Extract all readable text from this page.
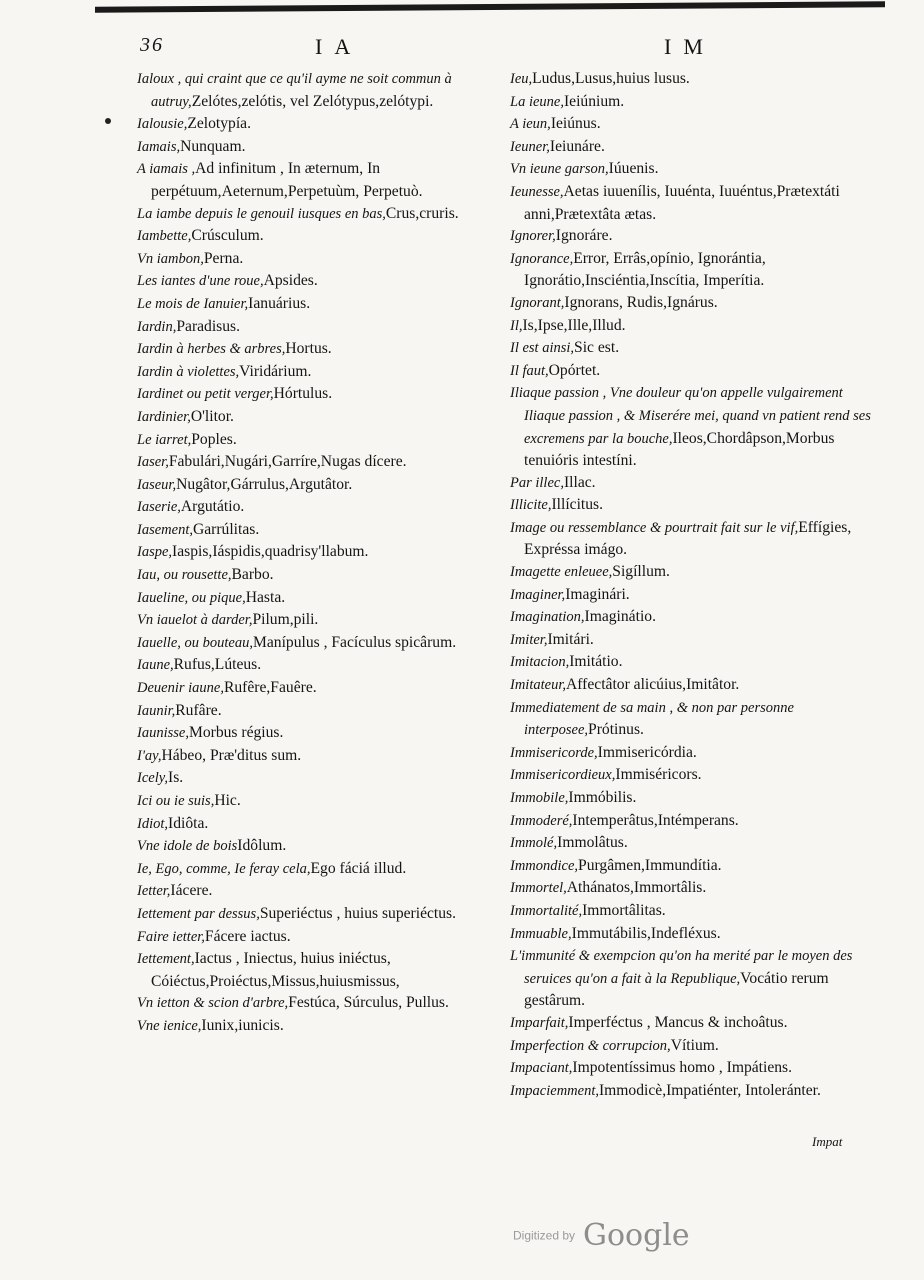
36	IA	IM

Ialoux , qui craint que ce qu'il ayme ne soit commun à autruy,Zelótes,zelótis, vel Zelótypus,zelótypi.

Ialousie,Zelotypía.

Iamais,Nunquam.

A iamais ,Ad infinitum , In æternum, In perpétuum,Aeternum,Perpetuùm, Perpetuò.

La iambe depuis le genouil iusques en bas,Crus,cruris.

Iambette,Crúsculum.

Vn iambon,Perna.

Les iantes d'une roue,Apsides.

Le mois de Ianuier,Ianuárius.

Iardin,Paradisus.

Iardin à herbes & arbres,Hortus.

Iardin à violettes,Viridárium.

Iardinet ou petit verger,Hórtulus.

Iardinier,O'litor.

Le iarret,Poples.

Iaser,Fabulári,Nugári,Garríre,Nugas dícere.

Iaseur,Nugâtor,Gárrulus,Argutâtor.

Iaserie,Argutátio.

Iasement,Garrúlitas.

Iaspe,Iaspis,Iáspidis,quadrisy'llabum.

Iau, ou rousette,Barbo.

Iaueline, ou pique,Hasta.

Vn iauelot à darder,Pilum,pili.

Iauelle, ou bouteau,Manípulus , Facículus spicârum.

Iaune,Rufus,Lúteus.

Deuenir iaune,Rufêre,Fauêre.

Iaunir,Rufâre.

Iaunisse,Morbus régius.

I'ay,Hábeo, Præ'ditus sum.

Icely,Is.

Ici ou ie suis,Hic.

Idiot,Idiôta.

Vne idole de boisIdôlum.

Ie, Ego, comme, Ie feray cela,Ego fáciá illud.

Ietter,Iácere.

Iettement par dessus,Superiéctus , huius superiéctus.

Faire ietter,Fácere iactus.

Iettement,Iactus , Iniectus, huius iniéctus, Cóiéctus,Proiéctus,Missus,huiusmissus,

Vn ietton & scion d'arbre,Festúca, Súrculus, Pullus.

Vne ienice,Iunix,iunicis.

Ieu,Ludus,Lusus,huius lusus.

La ieune,Ieiúnium.

A ieun,Ieiúnus.

Ieuner,Ieiunáre.

Vn ieune garson,Iúuenis.

Ieunesse,Aetas iuuenílis, Iuuénta, Iuuéntus,Prætextáti anni,Prætextâta ætas.

Ignorer,Ignoráre.

Ignorance,Error, Errâs,opínio, Ignorántia, Ignorátio,Insciéntia,Inscítia, Imperítia.

Ignorant,Ignorans, Rudis,Ignárus.

Il,Is,Ipse,Ille,Illud.

Il est ainsi,Sic est.

Il faut,Opórtet.

Iliaque passion , Vne douleur qu'on appelle vulgairement Iliaque passion , & Miserére mei, quand vn patient rend ses excremens par la bouche,Ileos,Chordâpson,Morbus tenuióris intestíni.

Par illec,Illac.

Illicite,Illícitus.

Image ou ressemblance & pourtrait fait sur le vif,Effígies, Expréssa imágo.

Imagette enleuee,Sigíllum.

Imaginer,Imaginári.

Imagination,Imaginátio.

Imiter,Imitári.

Imitacion,Imitátio.

Imitateur,Affectâtor alicúius,Imitâtor.

Immediatement de sa main , & non par personne interposee,Prótinus.

Immisericorde,Immisericórdia.

Immisericordieux,Immiséricors.

Immobile,Immóbilis.

Immoderé,Intemperâtus,Intémperans.

Immolé,Immolâtus.

Immondice,Purgâmen,Immundítia.

Immortel,Athánatos,Immortâlis.

Immortalité,Immortâlitas.

Immuable,Immutábilis,Indefléxus.

L'immunité & exempcion qu'on ha merité par le moyen des seruices qu'on a fait à la Republique,Vocátio rerum gestârum.

Imparfait,Imperféctus , Mancus & inchoâtus.

Imperfection & corrupcion,Vítium.

Impaciant,Impotentíssimus homo , Impátiens.

Impaciemment,Immodicè,Impatiénter, Intoleránter.

Impat
Digitized by Google
